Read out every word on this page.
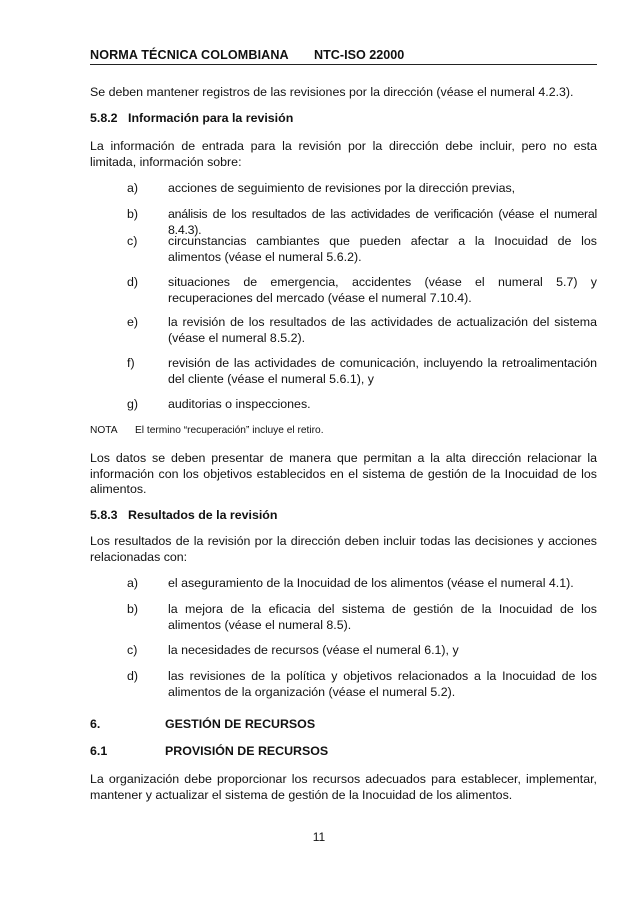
NORMA TÉCNICA COLOMBIANA NTC-ISO 22000
Se deben mantener registros de las revisiones por la dirección (véase el numeral 4.2.3).
5.8.2 Información para la revisión
La información de entrada para la revisión por la dirección debe incluir, pero no esta limitada, información sobre:
a) acciones de seguimiento de revisiones por la dirección previas,
b) análisis de los resultados de las actividades de verificación (véase el numeral 8.4.3).
c) circunstancias cambiantes que pueden afectar a la Inocuidad de los alimentos (véase el numeral 5.6.2).
d) situaciones de emergencia, accidentes (véase el numeral 5.7) y recuperaciones del mercado (véase el numeral 7.10.4).
e) la revisión de los resultados de las actividades de actualización del sistema (véase el numeral 8.5.2).
f)	revisión de las actividades de comunicación, incluyendo la retroalimentación del cliente (véase el numeral 5.6.1), y
g) auditorias o inspecciones.
NOTA El termino “recuperación” incluye el retiro.
Los datos se deben presentar de manera que permitan a la alta dirección relacionar la información con los objetivos establecidos en el sistema de gestión de la Inocuidad de los alimentos.
5.8.3 Resultados de la revisión
Los resultados de la revisión por la dirección deben incluir todas las decisiones y acciones relacionadas con:
a) el aseguramiento de la Inocuidad de los alimentos (véase el numeral 4.1).
b) la mejora de la eficacia del sistema de gestión de la Inocuidad de los alimentos (véase el numeral 8.5).
c) la necesidades de recursos (véase el numeral 6.1), y
d) las revisiones de la política y objetivos relacionados a la Inocuidad de los alimentos de la organización (véase el numeral 5.2).
6.	GESTIÓN DE RECURSOS
6.1	PROVISIÓN DE RECURSOS
La organización debe proporcionar los recursos adecuados para establecer, implementar, mantener y actualizar el sistema de gestión de la Inocuidad de los alimentos.
11
